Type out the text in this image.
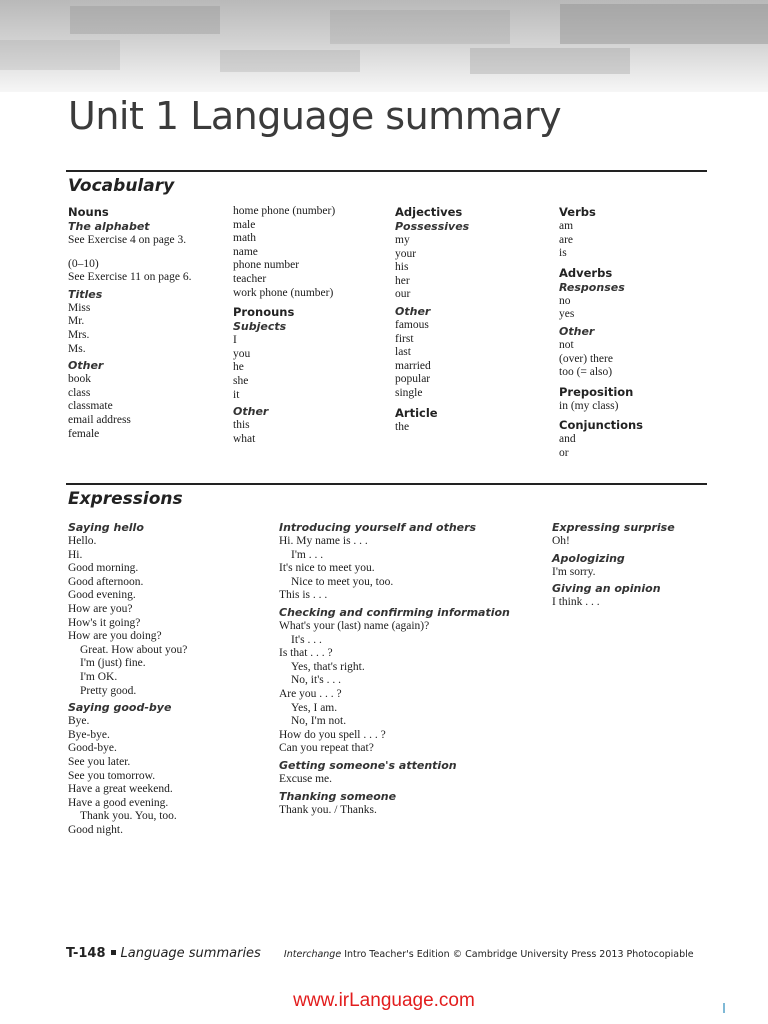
Unit 1 Language summary
Vocabulary
Nouns
The alphabet
See Exercise 4 on page 3.
(0–10)
See Exercise 11 on page 6.
Titles
Miss
Mr.
Mrs.
Ms.
Other
book
class
classmate
email address
female
home phone (number)
male
math
name
phone number
teacher
work phone (number)
Pronouns
Subjects
I
you
he
she
it
Other
this
what
Adjectives
Possessives
my
your
his
her
our
Other
famous
first
last
married
popular
single
Article
the
Verbs
am
are
is
Adverbs
Responses
no
yes
Other
not
(over) there
too (= also)
Preposition
in (my class)
Conjunctions
and
or
Expressions
Saying hello
Hello.
Hi.
Good morning.
Good afternoon.
Good evening.
How are you?
How's it going?
How are you doing?
Great. How about you?
I'm (just) fine.
I'm OK.
Pretty good.
Saying good-bye
Bye.
Bye-bye.
Good-bye.
See you later.
See you tomorrow.
Have a great weekend.
Have a good evening.
Thank you. You, too.
Good night.
Introducing yourself and others
Hi. My name is . . .
I'm . . .
It's nice to meet you.
Nice to meet you, too.
This is . . .
Checking and confirming information
What's your (last) name (again)?
It's . . .
Is that . . . ?
Yes, that's right.
No, it's . . .
Are you . . . ?
Yes, I am.
No, I'm not.
How do you spell . . . ?
Can you repeat that?
Getting someone's attention
Excuse me.
Thanking someone
Thank you. / Thanks.
Expressing surprise
Oh!
Apologizing
I'm sorry.
Giving an opinion
I think . . .
T-148 Language summaries Interchange Intro Teacher's Edition © Cambridge University Press 2013 Photocopiable
www.irLanguage.com
